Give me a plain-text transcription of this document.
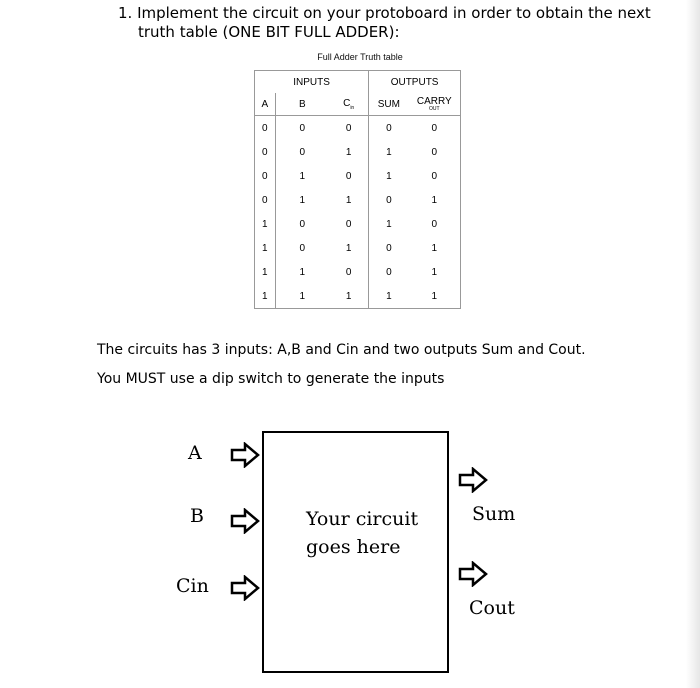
1. Implement the circuit on your protoboard in order to obtain the next
truth table (ONE BIT FULL ADDER):
Full Adder Truth table
INPUTS			OUTPUTS	
A	B	$C_{in}$	SUM	CARRY
OUT

0	0	0	0	0
0	0	1	1	0
0	1	0	1	0
0	1	1	0	1
1	0	0	1	0
1	0	1	0	1
1	1	0	0	1
1	1	1	1	1
The circuits has 3 inputs: A,B and Cin and two outputs Sum and Cout.
You MUST use a dip switch to generate the inputs
A
B
Cin
Your circuit
goes here
Sum
Cout
